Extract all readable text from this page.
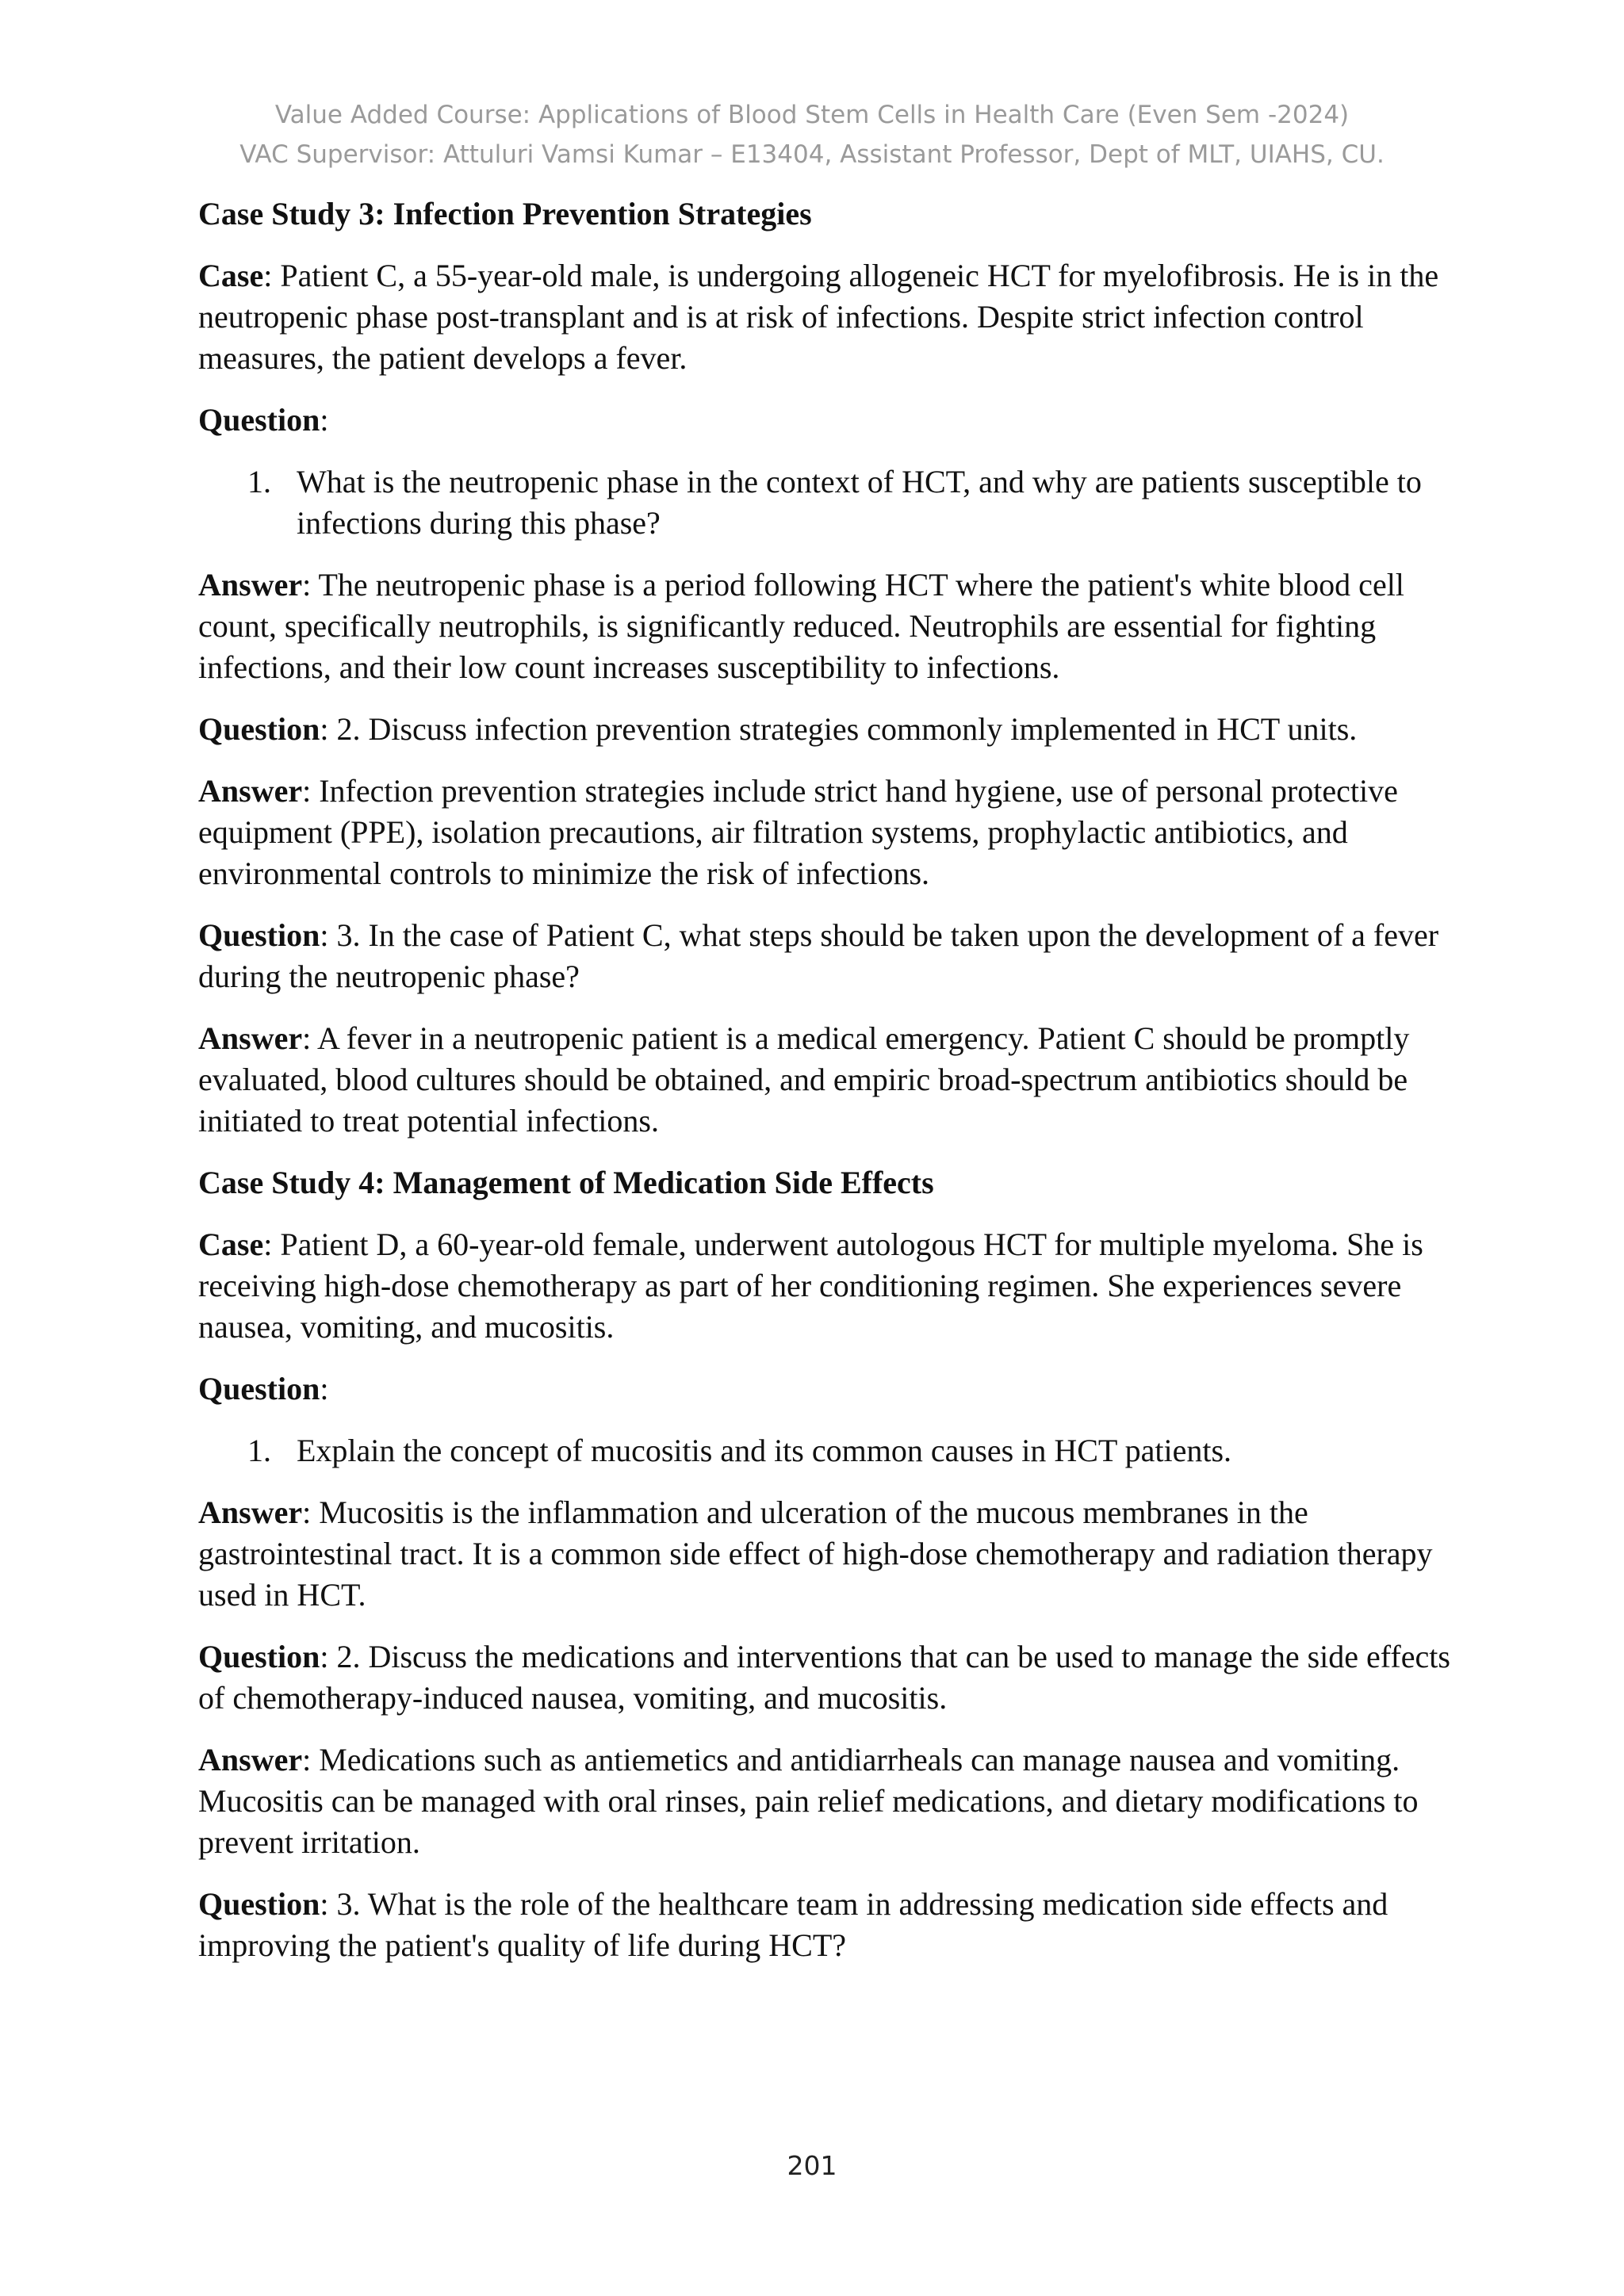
Value Added Course: Applications of Blood Stem Cells in Health Care (Even Sem -2024)
VAC Supervisor: Attuluri Vamsi Kumar – E13404, Assistant Professor, Dept of MLT, UIAHS, CU.

Case Study 3: Infection Prevention Strategies

Case: Patient C, a 55-year-old male, is undergoing allogeneic HCT for myelofibrosis. He is in the neutropenic phase post-transplant and is at risk of infections. Despite strict infection control measures, the patient develops a fever.

Question:

1. What is the neutropenic phase in the context of HCT, and why are patients susceptible to infections during this phase?

Answer: The neutropenic phase is a period following HCT where the patient's white blood cell count, specifically neutrophils, is significantly reduced. Neutrophils are essential for fighting infections, and their low count increases susceptibility to infections.

Question: 2. Discuss infection prevention strategies commonly implemented in HCT units.

Answer: Infection prevention strategies include strict hand hygiene, use of personal protective equipment (PPE), isolation precautions, air filtration systems, prophylactic antibiotics, and environmental controls to minimize the risk of infections.

Question: 3. In the case of Patient C, what steps should be taken upon the development of a fever during the neutropenic phase?

Answer: A fever in a neutropenic patient is a medical emergency. Patient C should be promptly evaluated, blood cultures should be obtained, and empiric broad-spectrum antibiotics should be initiated to treat potential infections.

Case Study 4: Management of Medication Side Effects

Case: Patient D, a 60-year-old female, underwent autologous HCT for multiple myeloma. She is receiving high-dose chemotherapy as part of her conditioning regimen. She experiences severe nausea, vomiting, and mucositis.

Question:

1. Explain the concept of mucositis and its common causes in HCT patients.

Answer: Mucositis is the inflammation and ulceration of the mucous membranes in the gastrointestinal tract. It is a common side effect of high-dose chemotherapy and radiation therapy used in HCT.

Question: 2. Discuss the medications and interventions that can be used to manage the side effects of chemotherapy-induced nausea, vomiting, and mucositis.

Answer: Medications such as antiemetics and antidiarrheals can manage nausea and vomiting. Mucositis can be managed with oral rinses, pain relief medications, and dietary modifications to prevent irritation.

Question: 3. What is the role of the healthcare team in addressing medication side effects and improving the patient's quality of life during HCT?

201
